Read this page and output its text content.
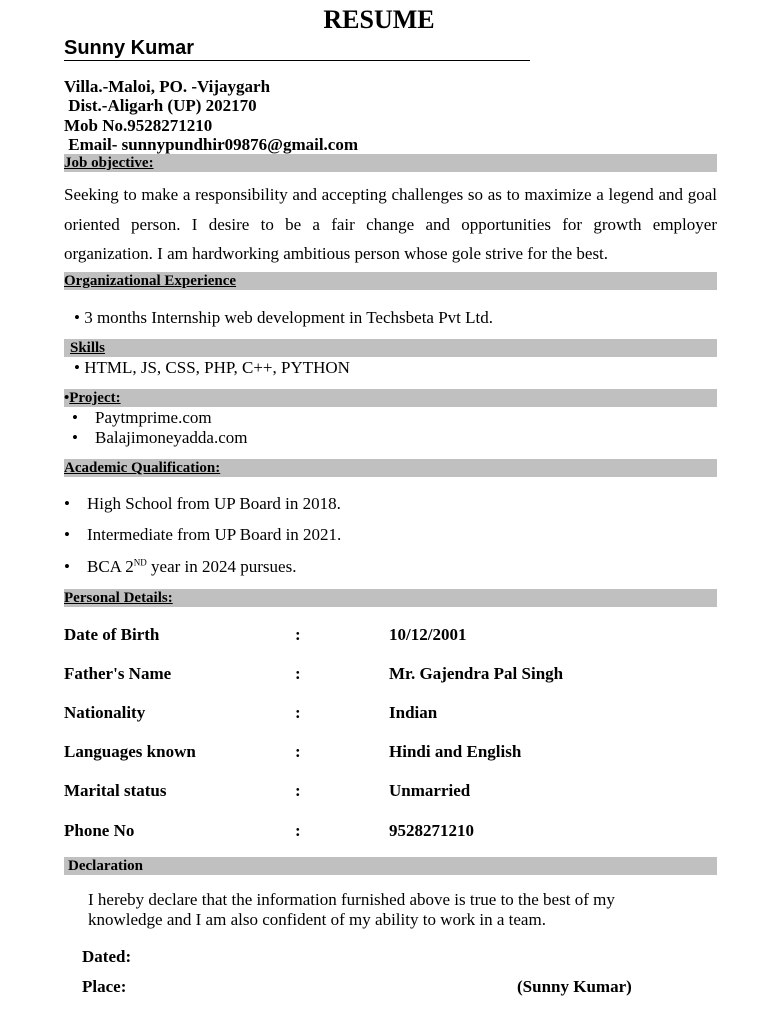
RESUME
Sunny Kumar
Villa.-Maloi, PO. -Vijaygarh
Dist.-Aligarh (UP) 202170
Mob No.9528271210
Email- sunnypundhir09876@gmail.com
Job objective:
Seeking to make a responsibility and accepting challenges so as to maximize a legend and goal oriented person. I desire to be a fair change and opportunities for growth employer organization. I am hardworking ambitious person whose gole strive for the best.
Organizational Experience
• 3 months Internship web development in Techsbeta Pvt Ltd.
Skills
• HTML, JS, CSS, PHP, C++, PYTHON
•Project:
• Paytmprime.com
• Balajimoneyadda.com
Academic Qualification:
• High School from UP Board in 2018.
• Intermediate from UP Board in 2021.
• BCA 2ND year in 2024 pursues.
Personal Details:
Date of Birth	:	10/12/2001
Father's Name	:	Mr. Gajendra Pal Singh
Nationality	:	Indian
Languages known	:	Hindi and English
Marital status	:	Unmarried
Phone No	:	9528271210
Declaration
I hereby declare that the information furnished above is true to the best of my knowledge and I am also confident of my ability to work in a team.
Dated:
Place:	(Sunny Kumar)
